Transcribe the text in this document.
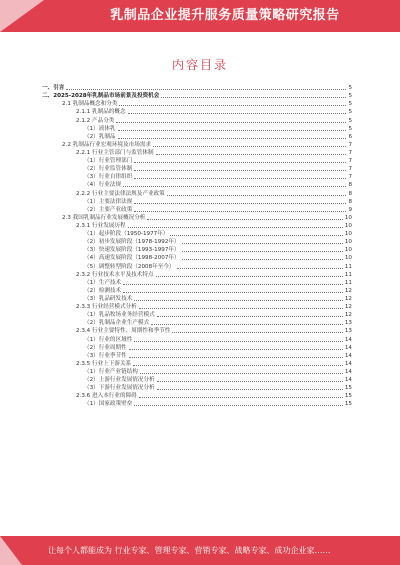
乳制品企业提升服务质量策略研究报告
内容目录
一、引言	5
二、2025-2028年乳制品市场前景及投资机会	5
2.1 乳制品概念和分类	5
2.1.1 乳制品的概念	5
2.1.2 产品分类	5
（1）液体乳	5
（2）乳制品	6
2.2 乳制品行业宏观环境及市场需求	7
2.2.1 行业主管部门与监管体制	7
（1）行业管理部门	7
（2）行业监管体制	7
（3）行业自律组织	7
（4）行业法规	8
2.2.2 行业主要法律法规及产业政策	8
（1）主要法律法规	8
（2）主要产业政策	9
2.3 我国乳制品行业发展概况分析	10
2.3.1 行业发展历程	10
（1）起步阶段（1950-1977年）	10
（2）初步发展阶段（1978-1992年）	10
（3）快速发展阶段（1993-1997年）	10
（4）高速发展阶段（1998-2007年）	10
（5）调整转型阶段（2008年至今）	11
2.3.2 行业技术水平及技术特点	11
（1）生产技术	11
（2）检测技术	12
（3）乳品研发技术	12
2.3.3 行业经营模式分析	12
（1）乳品牧场业务经营模式	12
（2）乳制品企业生产模式	13
2.3.4 行业主要特性、周期性和季节性	13
（1）行业的区域性	14
（2）行业周期性	14
（3）行业季节性	14
2.3.5 行业上下游关系	14
（1）行业产业链结构	14
（2）上游行业发展情况分析	14
（3）下游行业发展情况分析	15
2.3.6 进入本行业的障碍	15
（1）国家政策壁垒	15
让每个人都能成为 行业专家、管理专家、营销专家、战略专家、成功企业家……
